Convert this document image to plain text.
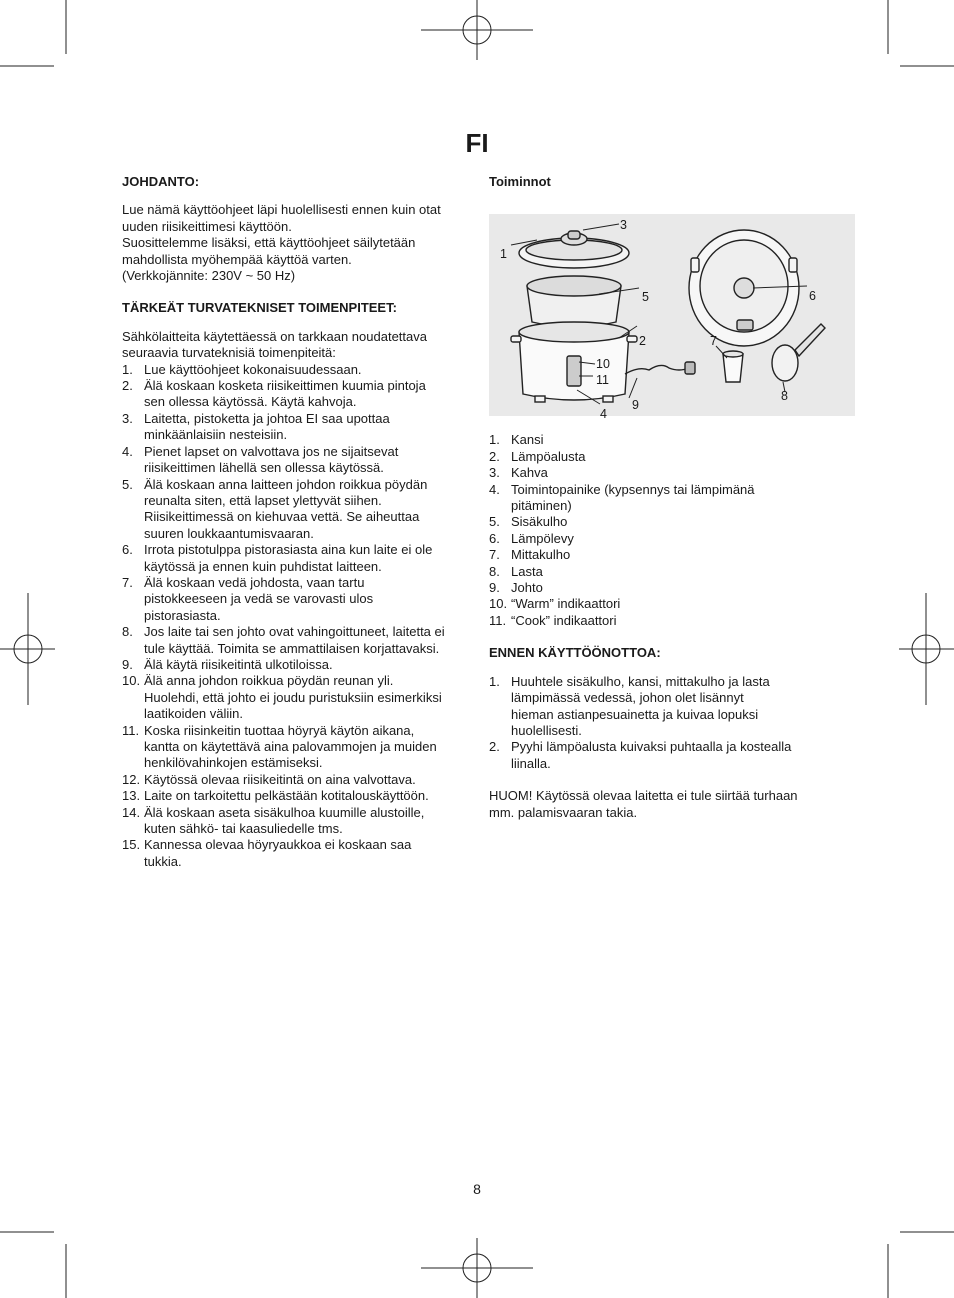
FI
JOHDANTO:

Lue nämä käyttöohjeet läpi huolellisesti ennen kuin otat

uuden riisikeittimesi käyttöön.

Suosittelemme lisäksi, että käyttöohjeet säilytetään

mahdollista myöhempää käyttöä varten.

(Verkkojännite: 230V ~ 50 Hz)

TÄRKEÄT TURVATEKNISET TOIMENPITEET:

Sähkölaitteita käytettäessä on tarkkaan noudatettava

seuraavia turvateknisiä toimenpiteitä:

1. Lue käyttöohjeet kokonaisuudessaan.
2. Älä koskaan kosketa riisikeittimen kuumia pintoja
sen ollessa käytössä. Käytä kahvoja.
3. Laitetta, pistoketta ja johtoa EI saa upottaa
minkäänlaisiin nesteisiin.
4. Pienet lapset on valvottava jos ne sijaitsevat
riisikeittimen lähellä sen ollessa käytössä.
5. Älä koskaan anna laitteen johdon roikkua pöydän
reunalta siten, että lapset ylettyvät siihen.
Riisikeittimessä on kiehuvaa vettä. Se aiheuttaa
suuren loukkaantumisvaaran.
6. Irrota pistotulppa pistorasiasta aina kun laite ei ole
käytössä ja ennen kuin puhdistat laitteen.
7. Älä koskaan vedä johdosta, vaan tartu
pistokkeeseen ja vedä se varovasti ulos
pistorasiasta.
8. Jos laite tai sen johto ovat vahingoittuneet, laitetta ei
tule käyttää. Toimita se ammattilaisen korjattavaksi.
9. Älä käytä riisikeitintä ulkotiloissa.
10. Älä anna johdon roikkua pöydän reunan yli.
Huolehdi, että johto ei joudu puristuksiin esimerkiksi
laatikoiden väliin.
11. Koska riisinkeitin tuottaa höyryä käytön aikana,
kantta on käytettävä aina palovammojen ja muiden
henkilövahinkojen estämiseksi.
12. Käytössä olevaa riisikeitintä on aina valvottava.
13. Laite on tarkoitettu pelkästään kotitalouskäyttöön.
14. Älä koskaan aseta sisäkulhoa kuumille alustoille,
kuten sähkö- tai kaasuliedelle tms.
15. Kannessa olevaa höyryaukkoa ei koskaan saa
tukkia.
Toiminnot
1
3
5
2
10
11
9
4
6
7
8
1. Kansi
2. Lämpöalusta
3. Kahva
4. Toimintopainike (kypsennys tai lämpimänä
pitäminen)
5. Sisäkulho
6. Lämpölevy
7. Mittakulho
8. Lasta
9. Johto
10. “Warm” indikaattori
11. “Cook” indikaattori
ENNEN KÄYTTÖÖNOTTOA:
1. Huuhtele sisäkulho, kansi, mittakulho ja lasta
lämpimässä vedessä, johon olet lisännyt
hieman astianpesuainetta ja kuivaa lopuksi
huolellisesti.
2. Pyyhi lämpöalusta kuivaksi puhtaalla ja kostealla
liinalla.

HUOM! Käytössä olevaa laitetta ei tule siirtää turhaan

mm. palamisvaaran takia.

8
